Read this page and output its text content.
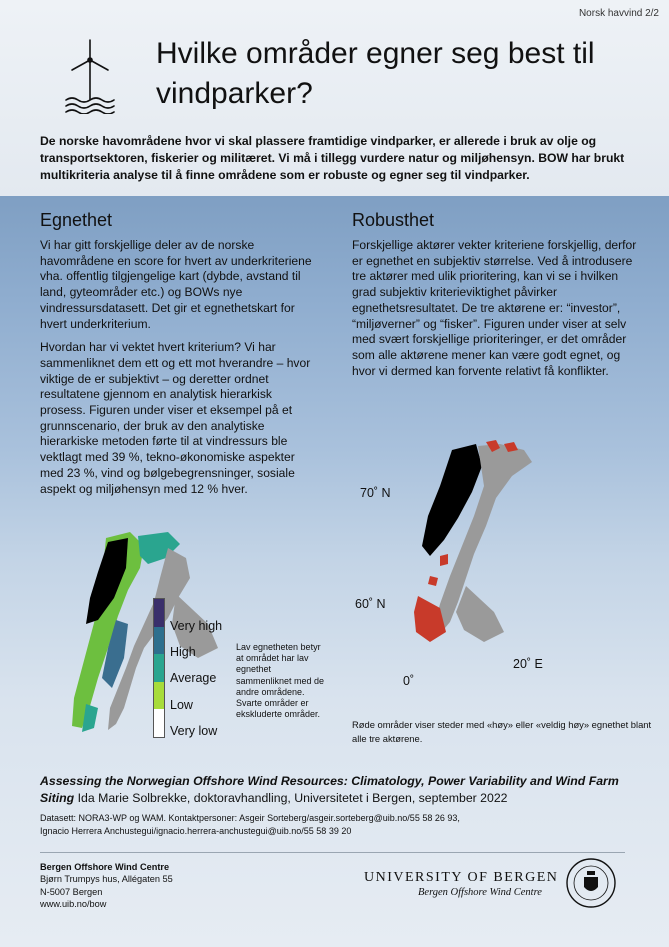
Norsk havvind 2/2
Hvilke områder egner seg best til vindparker?
De norske havområdene hvor vi skal plassere framtidige vindparker, er allerede i bruk av olje og transportsektoren, fiskerier og militæret. Vi må i tillegg vurdere natur og miljøhensyn. BOW har brukt multikriteria analyse til å finne områdene som er robuste og egner seg til vindparker.
Egnethet

Vi har gitt forskjellige deler av de norske havområdene en score for hvert av underkriteriene vha. offentlig tilgjengelige kart (dybde, avstand til land, gyteområder etc.) og BOWs nye vindressursdatasett. Det gir et egnethetskart for hvert underkriterium.

Hvordan har vi vektet hvert kriterium? Vi har sammenliknet dem ett og ett mot hverandre – hvor viktige de er subjektivt – og deretter ordnet resultatene gjennom en analytisk hierarkisk prosess. Figuren under viser et eksempel på et grunnscenario, der bruk av den analytiske hierarkiske metoden førte til at vindressurs ble vektlagt med 39 %, tekno-økonomiske aspekter med 23 %, vind og bølgebegrensninger, sosiale aspekt og miljøhensyn med 12 % hver.

Robusthet

Forskjellige aktører vekter kriteriene forskjellig, derfor er egnethet en subjektiv størrelse. Ved å introdusere tre aktører med ulik prioritering, kan vi se i hvilken grad subjektiv kriterieviktighet påvirker egnethetsresultatet. De tre aktørene er: “investor”, “miljøverner” og “fisker”. Figuren under viser at selv med svært forskjellige prioriteringer, er det områder som alle aktørene mener kan være godt egnet, og hvor vi dermed kan forvente relativt få konflikter.

Very high
High
Average
Low
Very low
Lav egnetheten betyr at området har lav egnethet sammenliknet med de andre områdene. Svarte områder er ekskluderte områder.
70˚ N
60˚ N
0˚
20˚ E
Røde områder viser steder med «høy» eller «veldig høy» egnethet blant alle tre aktørene.
Assessing the Norwegian Offshore Wind Resources: Climatology, Power Variability and Wind Farm Siting Ida Marie Solbrekke, doktoravhandling, Universitetet i Bergen, september 2022
Datasett: NORA3-WP og WAM. Kontaktpersoner: Asgeir Sorteberg/asgeir.sorteberg@uib.no/55 58 26 93,
Ignacio Herrera Anchustegui/ignacio.herrera-anchustegui@uib.no/55 58 39 20
Bergen Offshore Wind Centre
Bjørn Trumpys hus, Allégaten 55
N-5007 Bergen
www.uib.no/bow
UNIVERSITY OF BERGEN
Bergen Offshore Wind Centre
